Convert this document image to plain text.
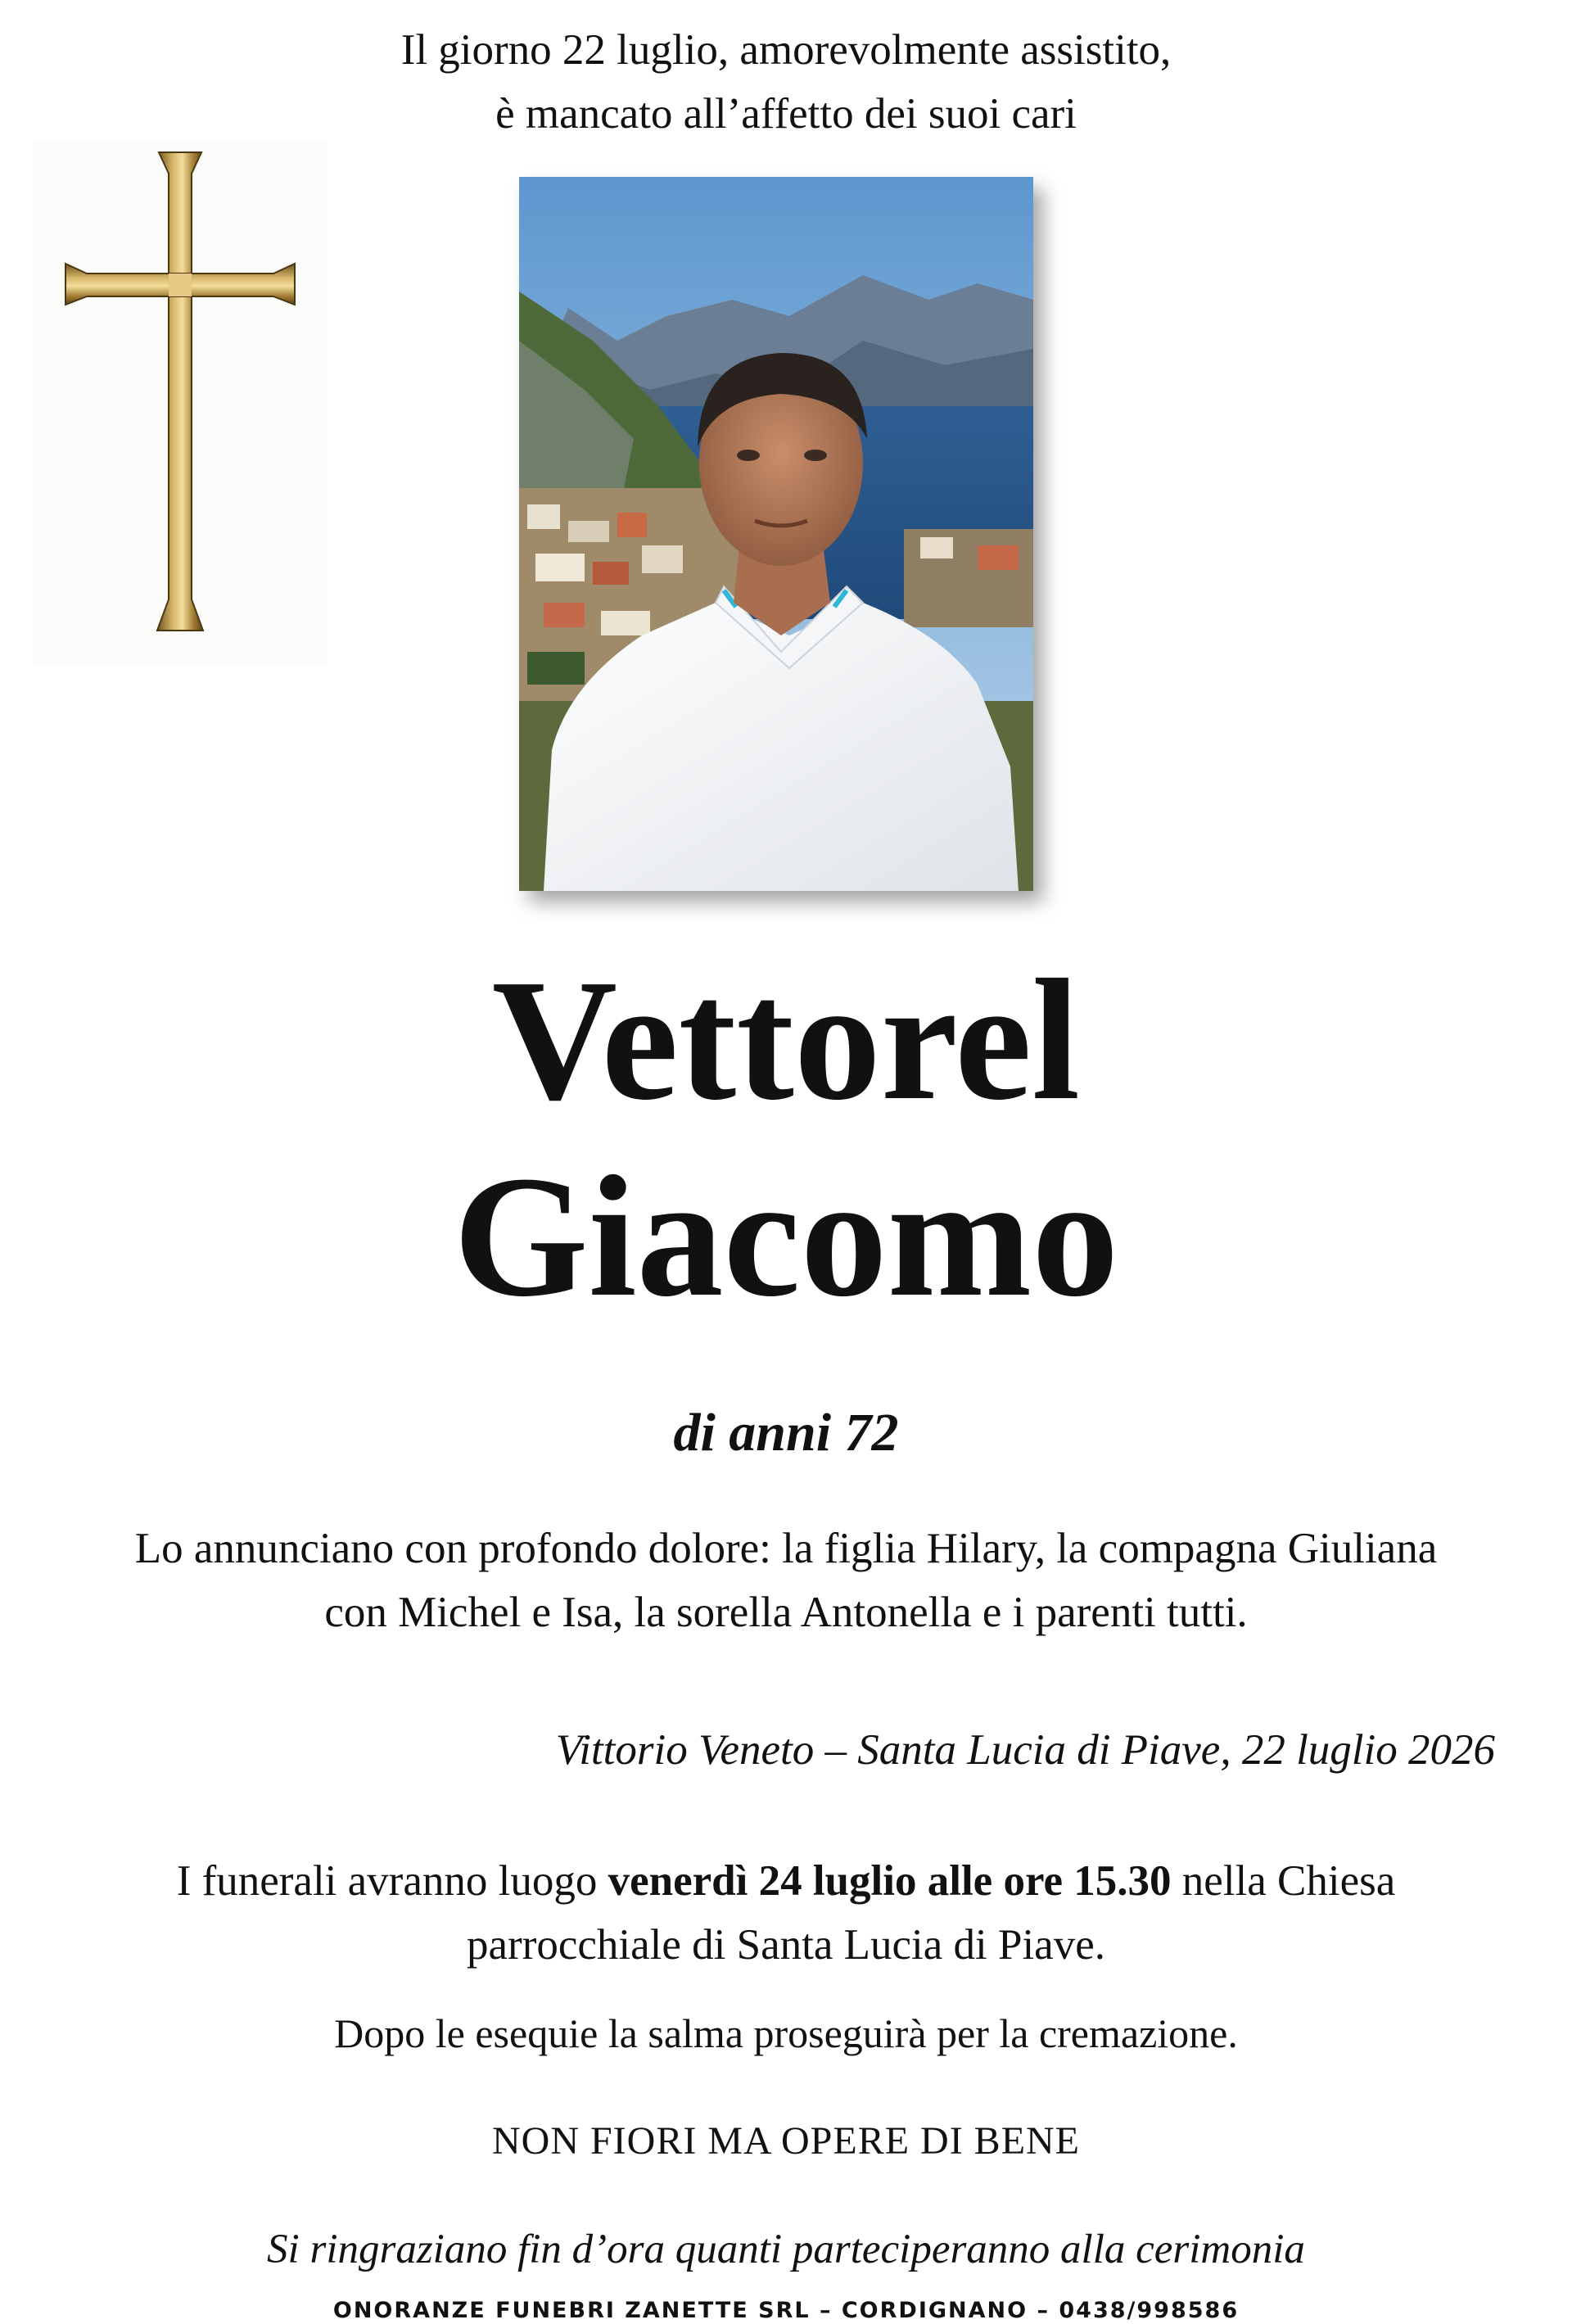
Il giorno 22 luglio, amorevolmente assistito,
è mancato all’affetto dei suoi cari
Vettorel
Giacomo
di anni 72
Lo annunciano con profondo dolore: la figlia Hilary, la compagna Giuliana
con Michel e Isa, la sorella Antonella e i parenti tutti.
Vittorio Veneto – Santa Lucia di Piave, 22 luglio 2026
I funerali avranno luogo venerdì 24 luglio alle ore 15.30 nella Chiesa
parrocchiale di Santa Lucia di Piave.
Dopo le esequie la salma proseguirà per la cremazione.
NON FIORI MA OPERE DI BENE
Si ringraziano fin d’ora quanti parteciperanno alla cerimonia
ONORANZE FUNEBRI ZANETTE SRL – CORDIGNANO – 0438/998586
